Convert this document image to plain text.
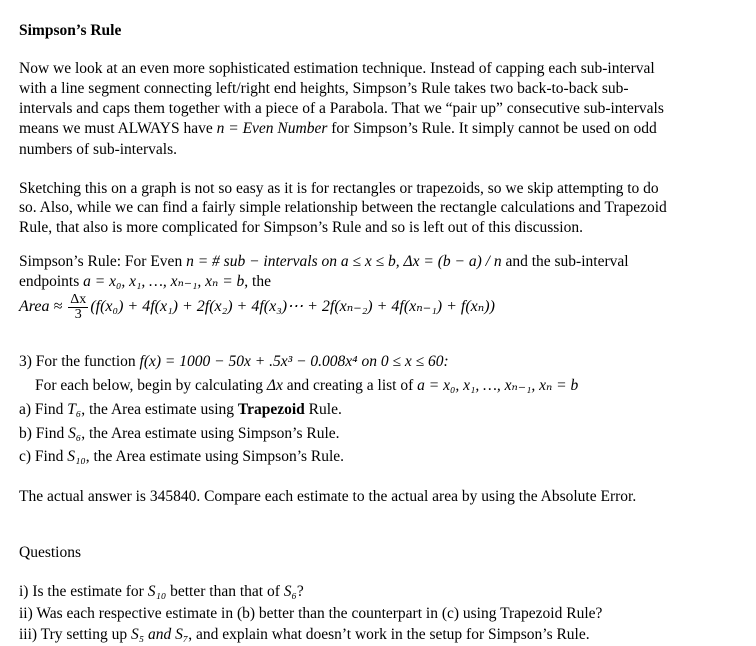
Simpson’s Rule
Now we look at an even more sophisticated estimation technique. Instead of capping each sub-interval
with a line segment connecting left/right end heights, Simpson’s Rule takes two back-to-back sub-
intervals and caps them together with a piece of a Parabola. That we “pair up” consecutive sub-intervals
means we must ALWAYS have n = Even Number for Simpson’s Rule. It simply cannot be used on odd
numbers of sub-intervals.
Sketching this on a graph is not so easy as it is for rectangles or trapezoids, so we skip attempting to do
so. Also, while we can find a fairly simple relationship between the rectangle calculations and Trapezoid
Rule, that also is more complicated for Simpson’s Rule and so is left out of this discussion.
Simpson’s Rule: For Even n = # sub − intervals on a ≤ x ≤ b, Δx = (b − a) / n and the sub-interval
endpoints a = x₀, x₁, …, xₙ₋₁, xₙ = b, the
Area ≈ $\frac{\Delta x}{3} (f(x_0) + 4f(x_1) + 2f(x_2)$ + 4f(x₃)⋯ + 2f(xₙ₋₂) + 4f(xₙ₋₁) + f(xₙ))
3) For the function f(x) = 1000 − 50x + .5x³ − 0.008x⁴ on 0 ≤ x ≤ 60:
For each below, begin by calculating Δx and creating a list of a = x₀, x₁, …, xₙ₋₁, xₙ = b
a) Find T₆, the Area estimate using Trapezoid Rule.
b) Find S₆, the Area estimate using Simpson’s Rule.
c) Find S₁₀, the Area estimate using Simpson’s Rule.
The actual answer is 345840. Compare each estimate to the actual area by using the Absolute Error.
Questions
i) Is the estimate for S₁₀ better than that of S₆?
ii) Was each respective estimate in (b) better than the counterpart in (c) using Trapezoid Rule?
iii) Try setting up S₅ and S₇, and explain what doesn’t work in the setup for Simpson’s Rule.
